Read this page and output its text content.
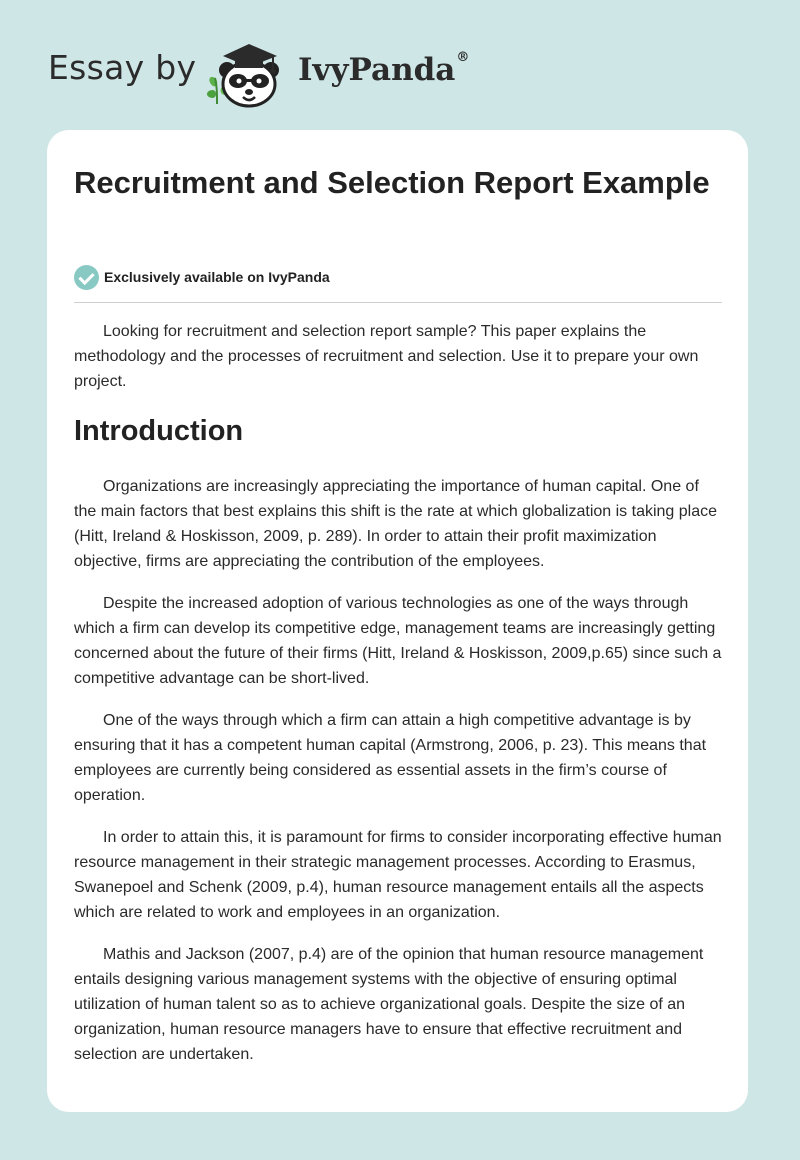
Essay by	IvyPanda®
Recruitment and Selection Report Example
Exclusively available on IvyPanda

Looking for recruitment and selection report sample? This paper explains the methodology and the processes of recruitment and selection. Use it to prepare your own project.

Introduction

Organizations are increasingly appreciating the importance of human capital. One of the main factors that best explains this shift is the rate at which globalization is taking place (Hitt, Ireland & Hoskisson, 2009, p. 289). In order to attain their profit maximization objective, firms are appreciating the contribution of the employees.

Despite the increased adoption of various technologies as one of the ways through which a firm can develop its competitive edge, management teams are increasingly getting concerned about the future of their firms (Hitt, Ireland & Hoskisson, 2009,p.65) since such a competitive advantage can be short-lived.

One of the ways through which a firm can attain a high competitive advantage is by ensuring that it has a competent human capital (Armstrong, 2006, p. 23). This means that employees are currently being considered as essential assets in the firm’s course of operation.

In order to attain this, it is paramount for firms to consider incorporating effective human resource management in their strategic management processes. According to Erasmus, Swanepoel and Schenk (2009, p.4), human resource management entails all the aspects which are related to work and employees in an organization.

Mathis and Jackson (2007, p.4) are of the opinion that human resource management entails designing various management systems with the objective of ensuring optimal utilization of human talent so as to achieve organizational goals. Despite the size of an organization, human resource managers have to ensure that effective recruitment and selection are undertaken.
